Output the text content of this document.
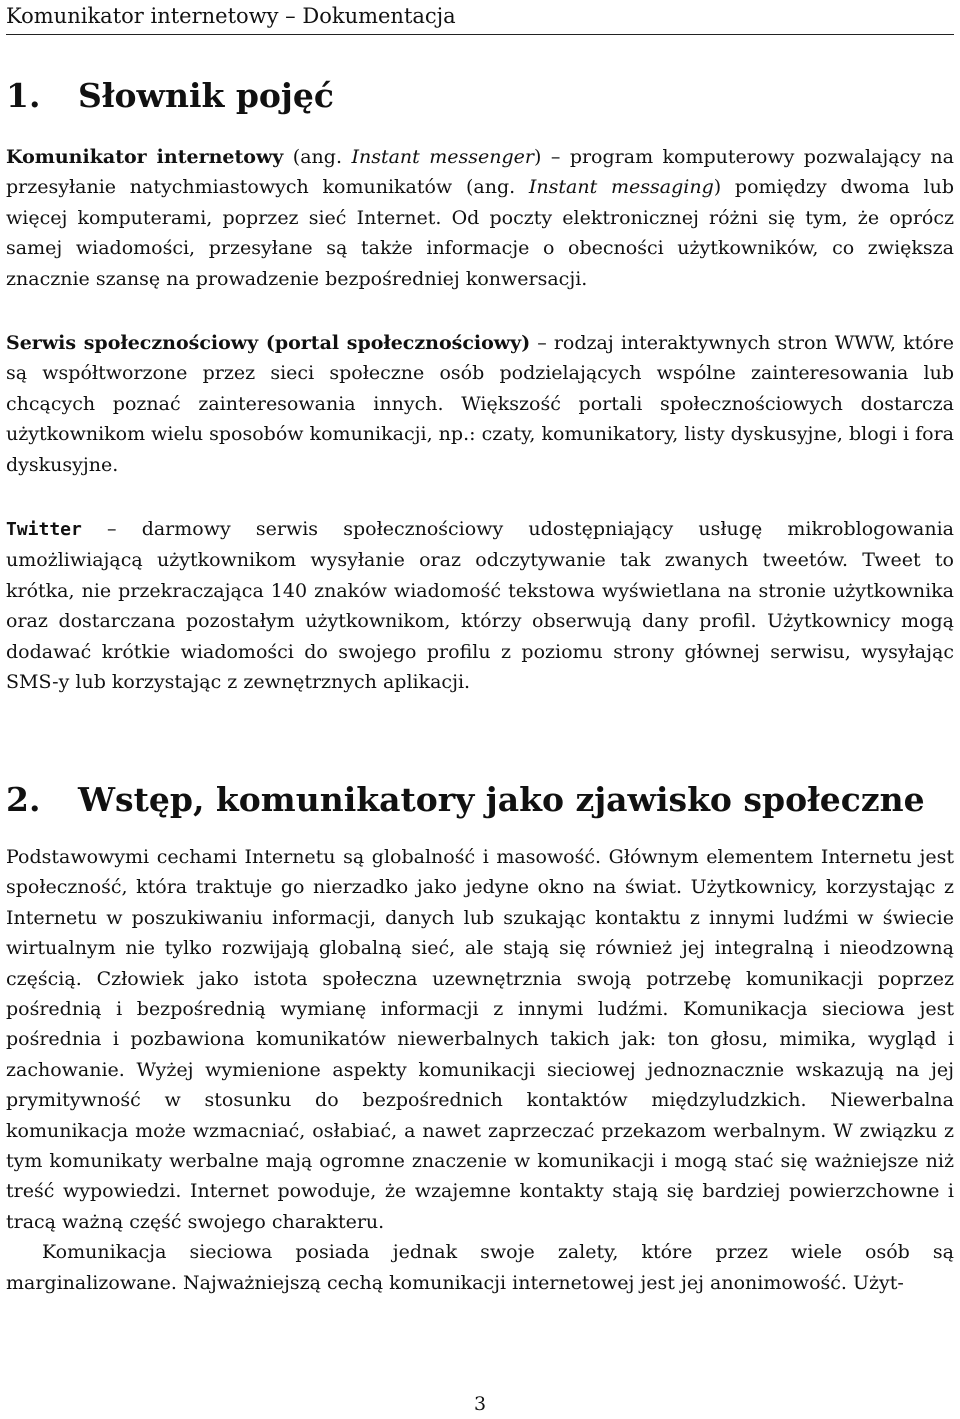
Komunikator internetowy – Dokumentacja
1. Słownik pojęć

Komunikator internetowy (ang. Instant messenger) – program komputerowy pozwalający na przesyłanie natychmiastowych komunikatów (ang. Instant messaging) pomiędzy dwoma lub więcej komputerami, poprzez sieć Internet. Od poczty elektronicznej różni się tym, że oprócz samej wiadomości, przesyłane są także informacje o obecności użytkowników, co zwiększa znacznie szansę na prowadzenie bezpośredniej konwersacji.

Serwis społecznościowy (portal społecznościowy) – rodzaj interaktywnych stron WWW, które są współtworzone przez sieci społeczne osób podzielających wspólne zainteresowania lub chcących poznać zainteresowania innych. Większość portali społecznościowych dostarcza użytkownikom wielu sposobów komunikacji, np.: czaty, komunikatory, listy dyskusyjne, blogi i fora dyskusyjne.

Twitter – darmowy serwis społecznościowy udostępniający usługę mikroblogowania umożliwiającą użytkownikom wysyłanie oraz odczytywanie tak zwanych tweetów. Tweet to krótka, nie przekraczająca 140 znaków wiadomość tekstowa wyświetlana na stronie użytkownika oraz dostarczana pozostałym użytkownikom, którzy obserwują dany profil. Użytkownicy mogą dodawać krótkie wiadomości do swojego profilu z poziomu strony głównej serwisu, wysyłając SMS-y lub korzystając z zewnętrznych aplikacji.

2. Wstęp, komunikatory jako zjawisko społeczne

Podstawowymi cechami Internetu są globalność i masowość. Głównym elementem Internetu jest społeczność, która traktuje go nierzadko jako jedyne okno na świat. Użytkownicy, korzystając z Internetu w poszukiwaniu informacji, danych lub szukając kontaktu z innymi ludźmi w świecie wirtualnym nie tylko rozwijają globalną sieć, ale stają się również jej integralną i nieodzowną częścią. Człowiek jako istota społeczna uzewnętrznia swoją potrzebę komunikacji poprzez pośrednią i bezpośrednią wymianę informacji z innymi ludźmi. Komunikacja sieciowa jest pośrednia i pozbawiona komunikatów niewerbalnych takich jak: ton głosu, mimika, wygląd i zachowanie. Wyżej wymienione aspekty komunikacji sieciowej jednoznacznie wskazują na jej prymitywność w stosunku do bezpośrednich kontaktów międzyludzkich. Niewerbalna komunikacja może wzmacniać, osłabiać, a nawet zaprzeczać przekazom werbalnym. W związku z tym komunikaty werbalne mają ogromne znaczenie w komunikacji i mogą stać się ważniejsze niż treść wypowiedzi. Internet powoduje, że wzajemne kontakty stają się bardziej powierzchowne i tracą ważną część swojego charakteru.

Komunikacja sieciowa posiada jednak swoje zalety, które przez wiele osób są marginalizowane. Najważniejszą cechą komunikacji internetowej jest jej anonimowość. Użyt-

3
